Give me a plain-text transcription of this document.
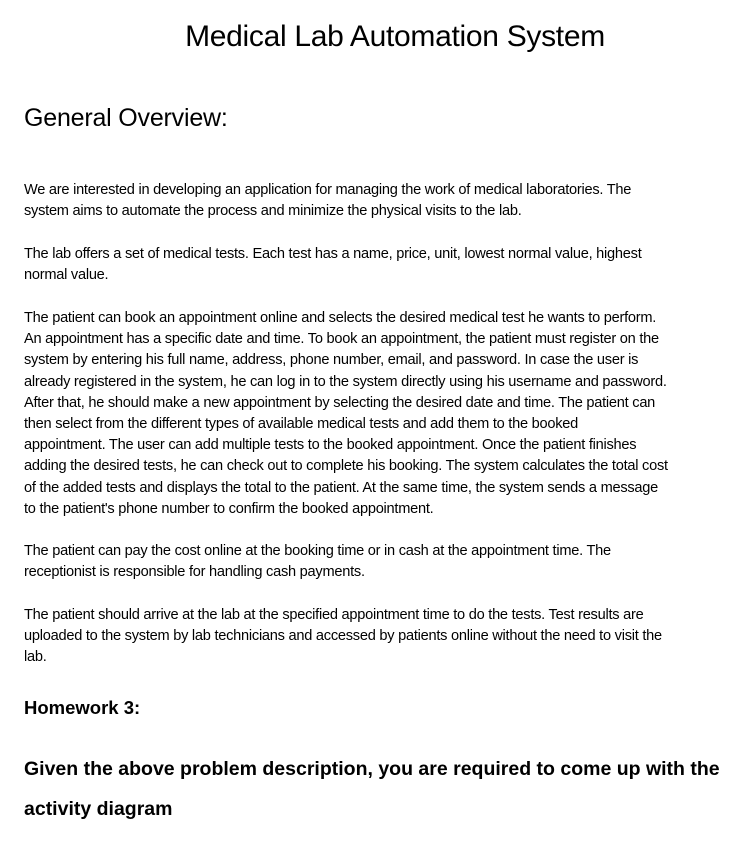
Medical Lab Automation System
General Overview:

We are interested in developing an application for managing the work of medical laboratories. The
system aims to automate the process and minimize the physical visits to the lab.

The lab offers a set of medical tests. Each test has a name, price, unit, lowest normal value, highest
normal value.

The patient can book an appointment online and selects the desired medical test he wants to perform.
An appointment has a specific date and time. To book an appointment, the patient must register on the
system by entering his full name, address, phone number, email, and password. In case the user is
already registered in the system, he can log in to the system directly using his username and password.
After that, he should make a new appointment by selecting the desired date and time. The patient can
then select from the different types of available medical tests and add them to the booked
appointment. The user can add multiple tests to the booked appointment. Once the patient finishes
adding the desired tests, he can check out to complete his booking. The system calculates the total cost
of the added tests and displays the total to the patient. At the same time, the system sends a message
to the patient's phone number to confirm the booked appointment.

The patient can pay the cost online at the booking time or in cash at the appointment time. The
receptionist is responsible for handling cash payments.

The patient should arrive at the lab at the specified appointment time to do the tests. Test results are
uploaded to the system by lab technicians and accessed by patients online without the need to visit the
lab.

Homework 3:
Given the above problem description, you are required to come up with the activity diagram
